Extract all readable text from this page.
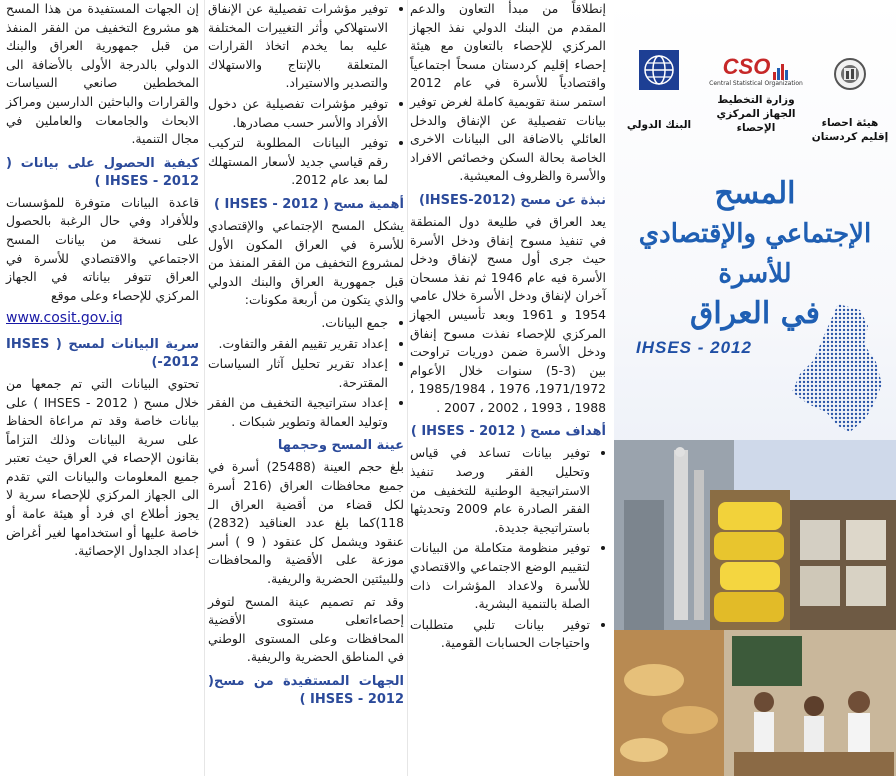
إن الجهات المستفيدة من هذا المسح هو مشروع التخفيف من الفقر المنفذ من قبل جمهورية العراق والبنك الدولي بالدرجة الأولى بالأضافة الى المخططين صانعي السياسات والقرارات والباحثين الدارسين ومراكز الابحاث والجامعات والعاملين في مجال التنمية.

كيفية الحصول على بيانات ( IHSES - 2012 )

قاعدة البيانات متوفرة للمؤسسات وللأفراد وفي حال الرغبة بالحصول على نسخة من بيانات المسح الاجتماعي والاقتصادي للأسرة في العراق تتوفر بياناته في الجهاز المركزي للإحصاء وعلى موقع

www.cosit.gov.iq
سرية البيانات لمسح ( IHSES -2012)

تحتوي البيانات التي تم جمعها من خلال مسح ( IHSES - 2012 ) على بيانات خاصة وقد تم مراعاة الحفاظ على سرية البيانات وذلك التزاماً بقانون الإحصاء في العراق حيث تعتبر جميع المعلومات والبيانات التي تقدم الى الجهاز المركزي للإحصاء سرية لا يجوز أطلاع اي فرد أو هيئة عامة أو خاصة عليها أو استخدامها لغير أغراض إعداد الجداول الإحصائية.

• توفير مؤشرات تفصيلية عن الإنفاق الاستهلاكي وأثر التغييرات المختلفة عليه بما يخدم اتخاذ القرارات المتعلقة بالإنتاج والاستهلاك والتصدير والاستيراد.
• توفير مؤشرات تفصيلية عن دخول الأفراد والأسر حسب مصادرها.
• توفير البيانات المطلوبة لتركيب رقم قياسي جديد لأسعار المستهلك لما بعد عام 2012.
أهمية مسح ( IHSES - 2012 )

يشكل المسح الإجتماعي والإقتصادي للأسرة في العراق المكون الأول لمشروع التخفيف من الفقر المنفذ من قبل جمهورية العراق والبنك الدولي والذي يتكون من أربعة مكونات:

• جمع البيانات.
• إعداد تقرير تقييم الفقر والتفاوت.
• إعداد تقرير تحليل آثار السياسات المقترحة.
• إعداد ستراتيجية التخفيف من الفقر وتوليد العمالة وتطوير شبكات .
عينة المسح وحجمها

بلغ حجم العينة (25488) أسرة في جميع محافظات العراق (216 أسرة لكل قضاء من أقضية العراق الـ 118)كما بلغ عدد العناقيد (2832) عنقود ويشمل كل عنقود ( 9 ) أسر موزعة على الأقضية والمحافظات وللبيئتين الحضرية والريفية.

وقد تم تصميم عينة المسح لتوفر إحصاءاتعلى مستوى الأقضية المحافظات وعلى المستوى الوطني في المناطق الحضرية والريفية.

الجهات المستفيدة من مسح( IHSES - 2012 )

إنطلاقاً من مبدأ التعاون والدعم المقدم من البنك الدولي نفذ الجهاز المركزي للإحصاء بالتعاون مع هيئة إحصاء إقليم كردستان مسحاً اجتماعياً واقتصادياً للأسرة في عام 2012 استمر سنة تقويمية كاملة لغرض توفير بيانات تفصيلية عن الإنفاق والدخل العائلي بالاضافة الى البيانات الاخرى الخاصة بحالة السكن وخصائص الافراد والأسرة والظروف المعيشية.

نبذة عن مسح (IHSES-2012)

يعد العراق في طليعة دول المنطقة في تنفيذ مسوح إنفاق ودخل الأسرة حيث جرى أول مسح لإنفاق ودخل الأسرة فيه عام 1946 ثم نفذ مسحان آخران لإنفاق ودخل الأسرة خلال عامي 1954 و 1961 وبعد تأسيس الجهاز المركزي للإحصاء نفذت مسوح إنفاق ودخل الأسرة ضمن دوريات تراوحت بين (3-5) سنوات خلال الأعوام 1971/1972، 1976 ، 1985/1984 ، 1988 ، 1993 ، 2002 ، 2007 .

أهداف مسح ( IHSES - 2012 )
• توفير بيانات تساعد في قياس وتحليل الفقر ورصد تنفيذ الاستراتيجية الوطنية للتخفيف من الفقر الصادرة عام 2009 وتحديثها باستراتيجية جديدة.
• توفير منظومة متكاملة من البيانات لتقييم الوضع الاجتماعي والاقتصادي للأسرة ولاعداد المؤشرات ذات الصلة بالتنمية البشرية.
• توفير بيانات تلبي متطلبات واحتياجات الحسابات القومية.
هيئة احصاء إقليم كردستان
CSO
Central Statistical Organization
وزارة التخطيط
الجهاز المركزي الإحصاء
البنك الدولي
المسح
الإجتماعي والإقتصادي للأسرة
في العراق
IHSES - 2012
